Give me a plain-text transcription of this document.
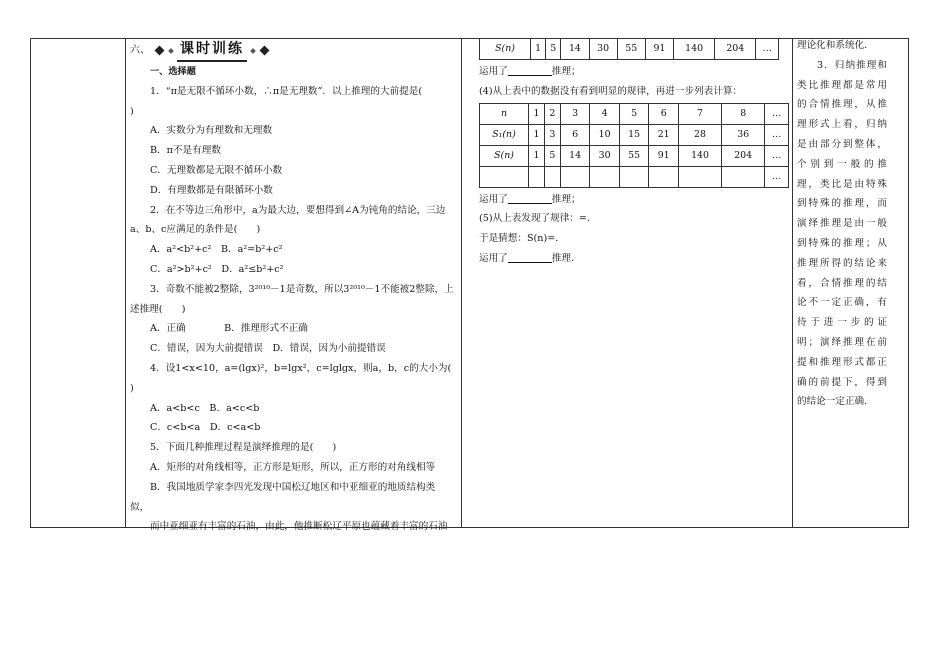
六、 课时训练

一、选择题

1．“π是无限不循环小数，∴π是无理数”．以上推理的大前提是(

)

A．实数分为有理数和无理数

B．π不是有理数

C．无理数都是无限不循环小数

D．有理数都是有限循环小数

2．在不等边三角形中，a为最大边，要想得到∠A为钝角的结论，三边

a、b、c应满足的条件是(　　)

A．a²<b²+c²　B．a²=b²+c²

C．a²>b²+c²　D．a²≤b²+c²

3．奇数不能被2整除，3²⁰¹⁰－1是奇数，所以3²⁰¹⁰－1不能被2整除，上

述推理(　　)

A．正确　　　　B．推理形式不正确

C．错误，因为大前提错误　D．错误，因为小前提错误

4．设1<x<10，a=(lgx)²，b=lgx²，c=lglgx，则a，b，c的大小为(

)

A．a<b<c　B．a<c<b

C．c<b<a　D．c<a<b

5．下面几种推理过程是演绎推理的是(　　)

A．矩形的对角线相等，正方形是矩形，所以，正方形的对角线相等

B．我国地质学家李四光发现中国松辽地区和中亚细亚的地质结构类

似，

而中亚细亚有丰富的石油，由此，他推断松辽平原也蕴藏着丰富的石油

S(n)	1	5	14	30	55	91	140	204	…

运用了	推理；

(4)从上表中的数据没有看到明显的规律，再进一步列表计算：

n	1	2	3	4	5	6	7	8	…
S₁(n)	1	3	6	10	15	21	28	36	…
S(n)	1	5	14	30	55	91	140	204	…
									…

运用了	推理；

(5)从上表发现了规律：=．

于是猜想：S(n)=．

运用了	推理．

理论化和系统化．

3．归纳推理和

类比推理都是常用

的合情推理，从推

理形式上看，归纳

是由部分到整体，

个别到一般的推

理，类比是由特殊

到特殊的推理，而

演绎推理是由一般

到特殊的推理；从

推理所得的结论来

看，合情推理的结

论不一定正确，有

待于进一步的证

明；演绎推理在前

提和推理形式都正

确的前提下，得到

的结论一定正确．
